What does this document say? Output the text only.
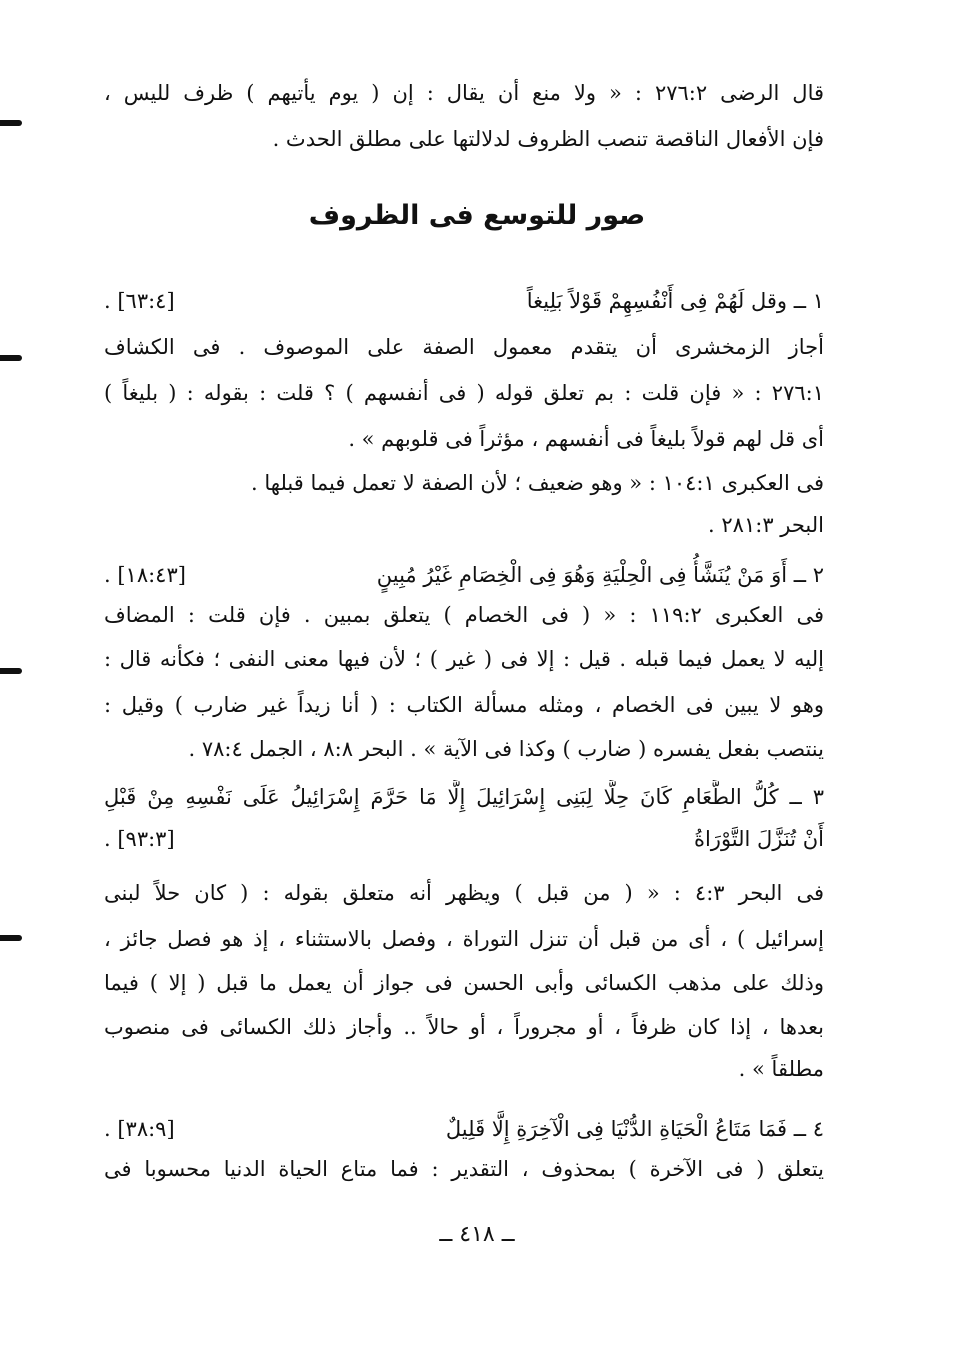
قال الرضى ٢٧٦:٢ : « ولا منع أن يقال : إن ( يوم يأتيهم ) ظرف لليس ،
فإن الأفعال الناقصة تنصب الظروف لدلالتها على مطلق الحدث .
صور للتوسع فى الظروف
١ ــ وقل لَهُمْ فِى أَنْفُسِهِمْ قَوْلاً بَلِيغاً
[٦٣:٤] .
أجاز الزمخشرى أن يتقدم معمول الصفة على الموصوف . فى الكشاف
٢٧٦:١ : « فإن قلت : بم تعلق قوله ( فى أنفسهم ) ؟ قلت : بقوله : ( بليغاً )
أى قل لهم قولاً بليغاً فى أنفسهم ، مؤثراً فى قلوبهم » .
فى العكبرى ١٠٤:١ : « وهو ضعيف ؛ لأن الصفة لا تعمل فيما قبلها .
البحر ٢٨١:٣ .
٢ ــ أَوَ مَنْ يُنَشَّأُ فِى الْحِلْيَةِ وَهُوَ فِى الْخِصَامِ غَيْرُ مُبِينٍ
[١٨:٤٣] .
فى العكبرى ١١٩:٢ : « ( فى الخصام ) يتعلق بمبين . فإن قلت : المضاف
إليه لا يعمل فيما قبله . قيل : إلا فى ( غير ) ؛ لأن فيها معنى النفى ؛ فكأنه قال :
وهو لا يبين فى الخصام ، ومثله مسألة الكتاب : ( أنا زيداً غير ضارب ) وقيل :
ينتصب بفعل يفسره ( ضارب ) وكذا فى الآية » . البحر ٨:٨ ، الجمل ٧٨:٤ .
٣ ــ كُلُّ الطَّعَامِ كَانَ حِلًّا لِبَنِى إِسْرَائِيلَ إِلَّا مَا حَرَّمَ إِسْرَائِيلُ عَلَى نَفْسِهِ مِنْ قَبْلِ
أَنْ تُنَزَّلَ التَّوْرَاةُ
[٩٣:٣] .
فى البحر ٤:٣ : « ( من قبل ) ويظهر أنه متعلق بقوله : ( كان حلاً لبنى
إسرائيل ) ، أى من قبل أن تنزل التوراة ، وفصل بالاستثناء ، إذ هو فصل جائز ،
وذلك على مذهب الكسائى وأبى الحسن فى جواز أن يعمل ما قبل ( إلا ) فيما
بعدها ، إذا كان ظرفاً ، أو مجروراً ، أو حالاً .. وأجاز ذلك الكسائى فى منصوب
مطلقاً » .
٤ ــ فَمَا مَتَاعُ الْحَيَاةِ الدُّنْيَا فِى الْآخِرَةِ إِلَّا قَلِيلٌ
[٣٨:٩] .
يتعلق ( فى الآخرة ) بمحذوف ، التقدير : فما متاع الحياة الدنيا محسوبا فى
ــ ٤١٨ ــ
